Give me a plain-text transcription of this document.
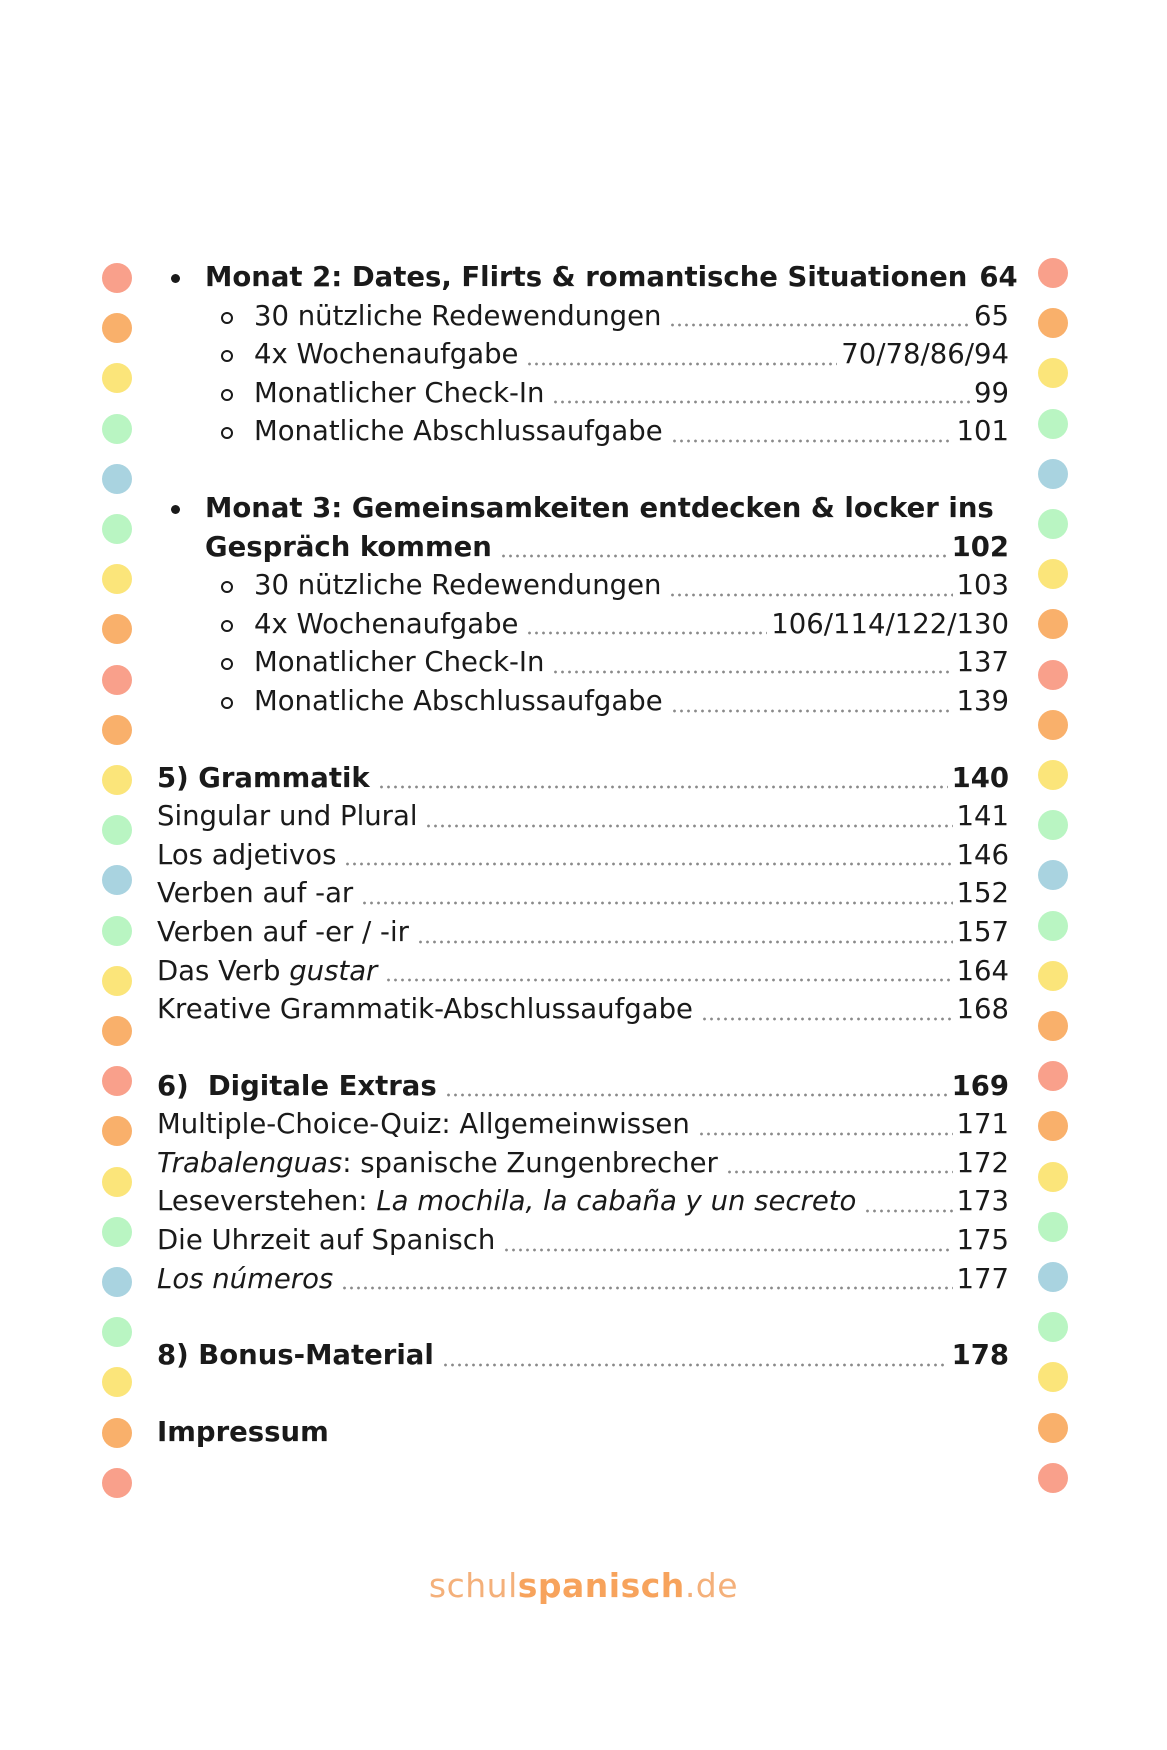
Monat 2: Dates, Flirts & romantische Situationen 64
30 nützliche Redewendungen	65
4x Wochenaufgabe	70/78/86/94
Monatlicher Check-In	99
Monatliche Abschlussaufgabe	101
Monat 3: Gemeinsamkeiten entdecken & locker ins
Gespräch kommen	102
30 nützliche Redewendungen	103
4x Wochenaufgabe	106/114/122/130
Monatlicher Check-In	137
Monatliche Abschlussaufgabe	139
5) Grammatik	140
Singular und Plural	141
Los adjetivos	146
Verben auf -ar	152
Verben auf -er / -ir	157
Das Verb gustar	164
Kreative Grammatik-Abschlussaufgabe	168
6)  Digitale Extras	169
Multiple-Choice-Quiz: Allgemeinwissen	171
Trabalenguas: spanische Zungenbrecher	172
Leseverstehen: La mochila, la cabaña y un secreto	173
Die Uhrzeit auf Spanisch	175
Los números	177
8) Bonus-Material	178
Impressum
schulspanisch.de
